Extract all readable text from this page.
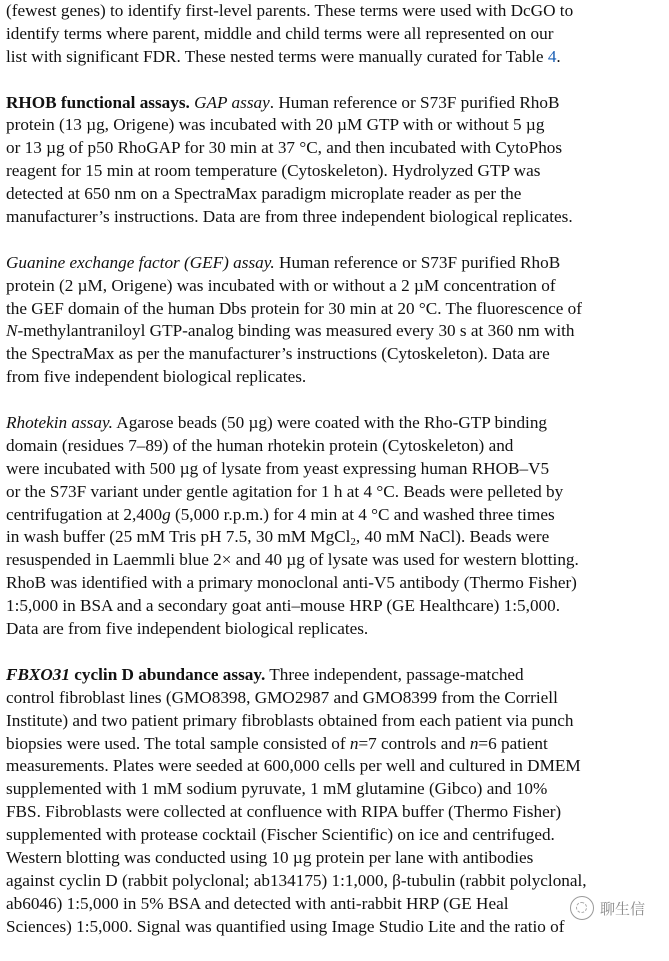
(fewest genes) to identify first-level parents. These terms were used with DcGO to
identify terms where parent, middle and child terms were all represented on our
list with significant FDR. These nested terms were manually curated for Table 4.
RHOB functional assays. GAP assay. Human reference or S73F purified RhoB
protein (13 µg, Origene) was incubated with 20 µM GTP with or without 5 µg
or 13 µg of p50 RhoGAP for 30 min at 37 °C, and then incubated with CytoPhos
reagent for 15 min at room temperature (Cytoskeleton). Hydrolyzed GTP was
detected at 650 nm on a SpectraMax paradigm microplate reader as per the
manufacturer’s instructions. Data are from three independent biological replicates.
Guanine exchange factor (GEF) assay. Human reference or S73F purified RhoB
protein (2 µM, Origene) was incubated with or without a 2 µM concentration of
the GEF domain of the human Dbs protein for 30 min at 20 °C. The fluorescence of
N-methylantraniloyl GTP-analog binding was measured every 30 s at 360 nm with
the SpectraMax as per the manufacturer’s instructions (Cytoskeleton). Data are
from five independent biological replicates.
Rhotekin assay. Agarose beads (50 µg) were coated with the Rho-GTP binding
domain (residues 7–89) of the human rhotekin protein (Cytoskeleton) and
were incubated with 500 µg of lysate from yeast expressing human RHOB–V5
or the S73F variant under gentle agitation for 1 h at 4 °C. Beads were pelleted by
centrifugation at 2,400g (5,000 r.p.m.) for 4 min at 4 °C and washed three times
in wash buffer (25 mM Tris pH 7.5, 30 mM MgCl$_2$, 40 mM NaCl). Beads were
resuspended in Laemmli blue 2× and 40 µg of lysate was used for western blotting.
RhoB was identified with a primary monoclonal anti-V5 antibody (Thermo Fisher)
1:5,000 in BSA and a secondary goat anti–mouse HRP (GE Healthcare) 1:5,000.
Data are from five independent biological replicates.
FBXO31 cyclin D abundance assay. Three independent, passage-matched
control fibroblast lines (GMO8398, GMO2987 and GMO8399 from the Corriell
Institute) and two patient primary fibroblasts obtained from each patient via punch
biopsies were used. The total sample consisted of n=7 controls and n=6 patient
measurements. Plates were seeded at 600,000 cells per well and cultured in DMEM
supplemented with 1 mM sodium pyruvate, 1 mM glutamine (Gibco) and 10%
FBS. Fibroblasts were collected at confluence with RIPA buffer (Thermo Fisher)
supplemented with protease cocktail (Fischer Scientific) on ice and centrifuged.
Western blotting was conducted using 10 µg protein per lane with antibodies
against cyclin D (rabbit polyclonal; ab134175) 1:1,000, β-tubulin (rabbit polyclonal,
ab6046) 1:5,000 in 5% BSA and detected with anti-rabbit HRP (GE Heal
Sciences) 1:5,000. Signal was quantified using Image Studio Lite and the ratio of
聊生信
